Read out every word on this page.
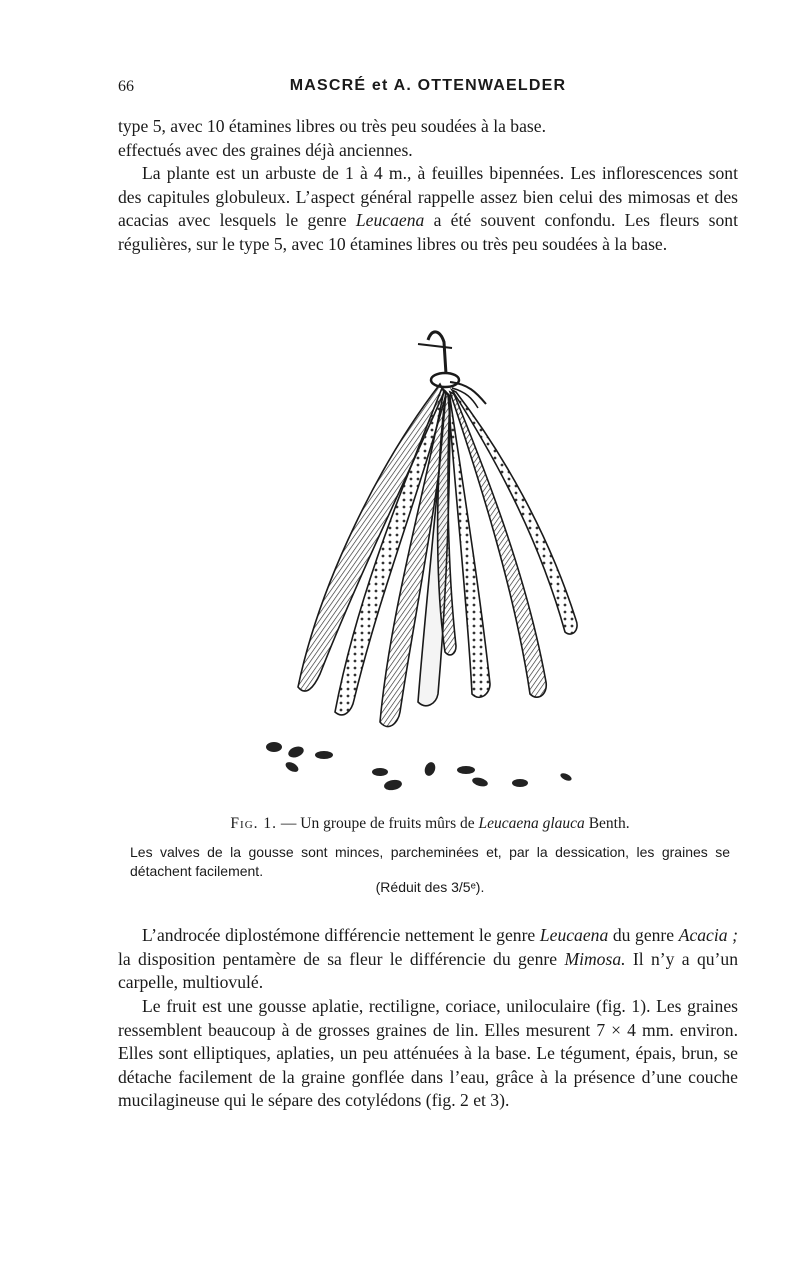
66	MASCRÉ et A. OTTENWAELDER

type 5, avec 10 étamines libres ou très peu soudées à la base.
effectués avec des graines déjà anciennes.

La plante est un arbuste de 1 à 4 m., à feuilles bipennées. Les inflorescences sont des capitules globuleux. L’aspect général rappelle assez bien celui des mimosas et des acacias avec lesquels le genre Leucaena a été souvent confondu. Les fleurs sont régulières, sur le type 5, avec 10 étamines libres ou très peu soudées à la base.

Fig. 1. — Un groupe de fruits mûrs de Leucaena glauca Benth.
Les valves de la gousse sont minces, parcheminées et, par la dessication, les graines se détachent facilement.
(Réduit des 3/5ᵉ).

L’androcée diplostémone différencie nettement le genre Leucaena du genre Acacia ; la disposition pentamère de sa fleur le différencie du genre Mimosa. Il n’y a qu’un carpelle, multiovulé.

Le fruit est une gousse aplatie, rectiligne, coriace, uniloculaire (fig. 1). Les graines ressemblent beaucoup à de grosses graines de lin. Elles mesurent 7 × 4 mm. environ. Elles sont elliptiques, aplaties, un peu atténuées à la base. Le tégument, épais, brun, se détache facilement de la graine gonflée dans l’eau, grâce à la présence d’une couche mucilagineuse qui le sépare des cotylédons (fig. 2 et 3).
